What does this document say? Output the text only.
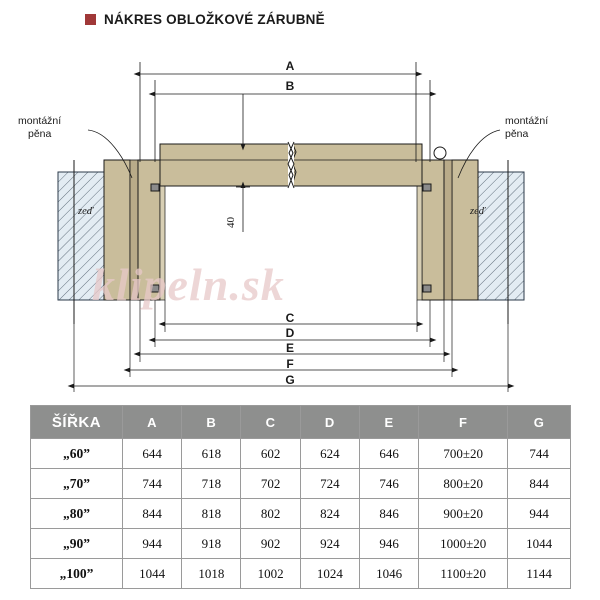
NÁKRES OBLOŽKOVÉ ZÁRUBNĚ
montážní
pěna
montážní
pěna
zeď	zeď
40
A
B
C
D
E
F
G
klipeln.sk
ŠÍŘKA	A	B	C	D	E	F	G
„60”	644	618	602	624	646	700±20	744
„70”	744	718	702	724	746	800±20	844
„80”	844	818	802	824	846	900±20	944
„90”	944	918	902	924	946	1000±20	1044
„100”	1044	1018	1002	1024	1046	1100±20	1144
